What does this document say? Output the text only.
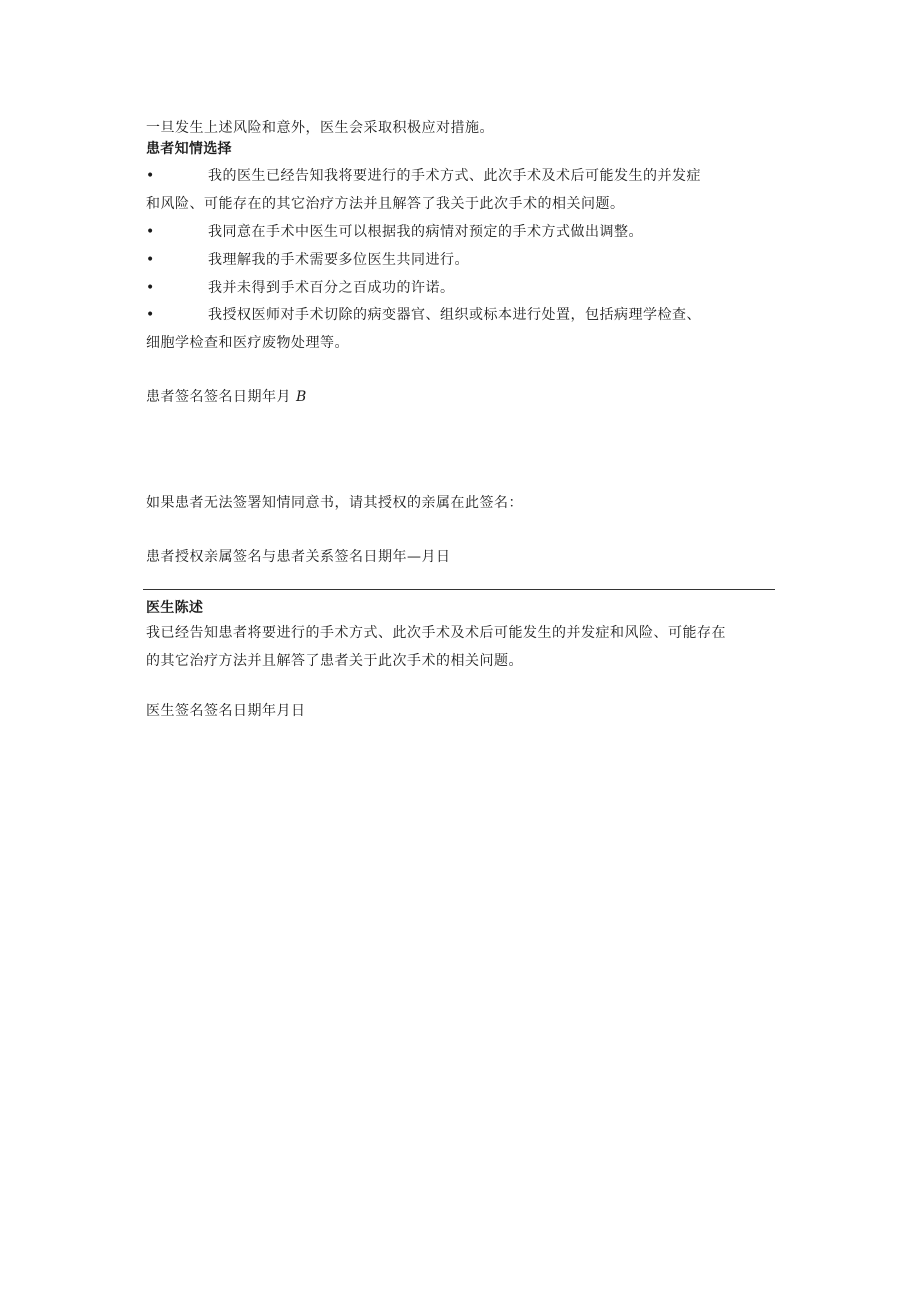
一旦发生上述风险和意外，医生会采取积极应对措施。
患者知情选择
•	我的医生已经告知我将要进行的手术方式、此次手术及术后可能发生的并发症
和风险、可能存在的其它治疗方法并且解答了我关于此次手术的相关问题。
•	我同意在手术中医生可以根据我的病情对预定的手术方式做出调整。
•	我理解我的手术需要多位医生共同进行。
•	我并未得到手术百分之百成功的许诺。
•	我授权医师对手术切除的病变器官、组织或标本进行处置，包括病理学检查、
细胞学检查和医疗废物处理等。
患者签名签名日期年月 B
如果患者无法签署知情同意书，请其授权的亲属在此签名：
患者授权亲属签名与患者关系签名日期年—月日
医生陈述
我已经告知患者将要进行的手术方式、此次手术及术后可能发生的并发症和风险、可能存在
的其它治疗方法并且解答了患者关于此次手术的相关问题。
医生签名签名日期年月日
